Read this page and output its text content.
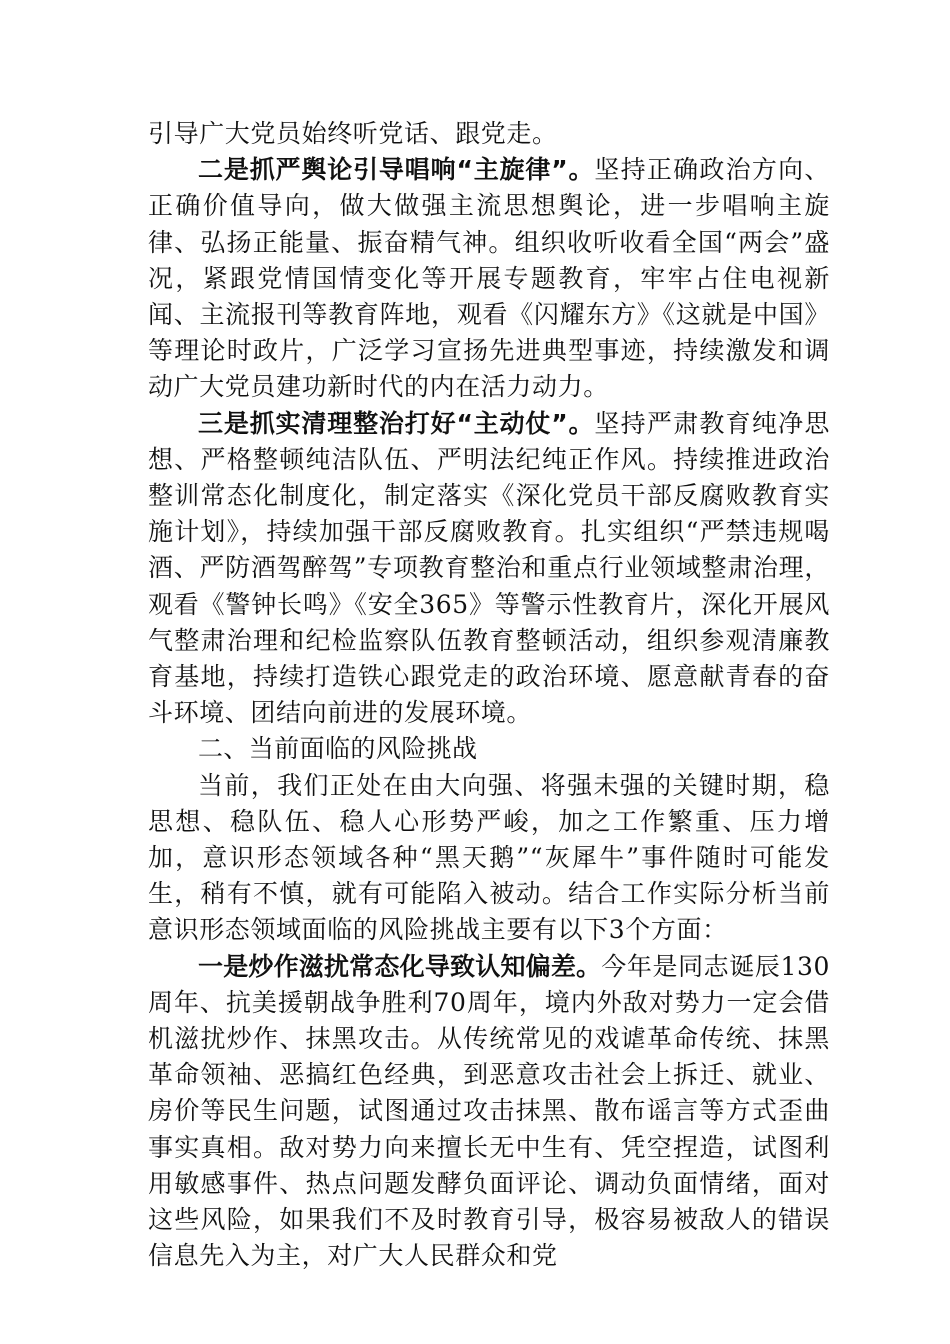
引导广大党员始终听党话、跟党走。

二是抓严舆论引导唱响“主旋律”。坚持正确政治方向、正确价值导向，做大做强主流思想舆论，进一步唱响主旋律、弘扬正能量、振奋精气神。组织收听收看全国“两会”盛况，紧跟党情国情变化等开展专题教育，牢牢占住电视新闻、主流报刊等教育阵地，观看《闪耀东方》《这就是中国》等理论时政片，广泛学习宣扬先进典型事迹，持续激发和调动广大党员建功新时代的内在活力动力。

三是抓实清理整治打好“主动仗”。坚持严肃教育纯净思想、严格整顿纯洁队伍、严明法纪纯正作风。持续推进政治整训常态化制度化，制定落实《深化党员干部反腐败教育实施计划》，持续加强干部反腐败教育。扎实组织“严禁违规喝酒、严防酒驾醉驾”专项教育整治和重点行业领域整肃治理，观看《警钟长鸣》《安全365》等警示性教育片，深化开展风气整肃治理和纪检监察队伍教育整顿活动，组织参观清廉教育基地，持续打造铁心跟党走的政治环境、愿意献青春的奋斗环境、团结向前进的发展环境。

二、当前面临的风险挑战

当前，我们正处在由大向强、将强未强的关键时期，稳思想、稳队伍、稳人心形势严峻，加之工作繁重、压力增加，意识形态领域各种“黑天鹅”“灰犀牛”事件随时可能发生，稍有不慎，就有可能陷入被动。结合工作实际分析当前意识形态领域面临的风险挑战主要有以下3个方面：

一是炒作滋扰常态化导致认知偏差。今年是同志诞辰130周年、抗美援朝战争胜利70周年，境内外敌对势力一定会借机滋扰炒作、抹黑攻击。从传统常见的戏谑革命传统、抹黑革命领袖、恶搞红色经典，到恶意攻击社会上拆迁、就业、房价等民生问题，试图通过攻击抹黑、散布谣言等方式歪曲事实真相。敌对势力向来擅长无中生有、凭空捏造，试图利用敏感事件、热点问题发酵负面评论、调动负面情绪，面对这些风险，如果我们不及时教育引导，极容易被敌人的错误信息先入为主，对广大人民群众和党
